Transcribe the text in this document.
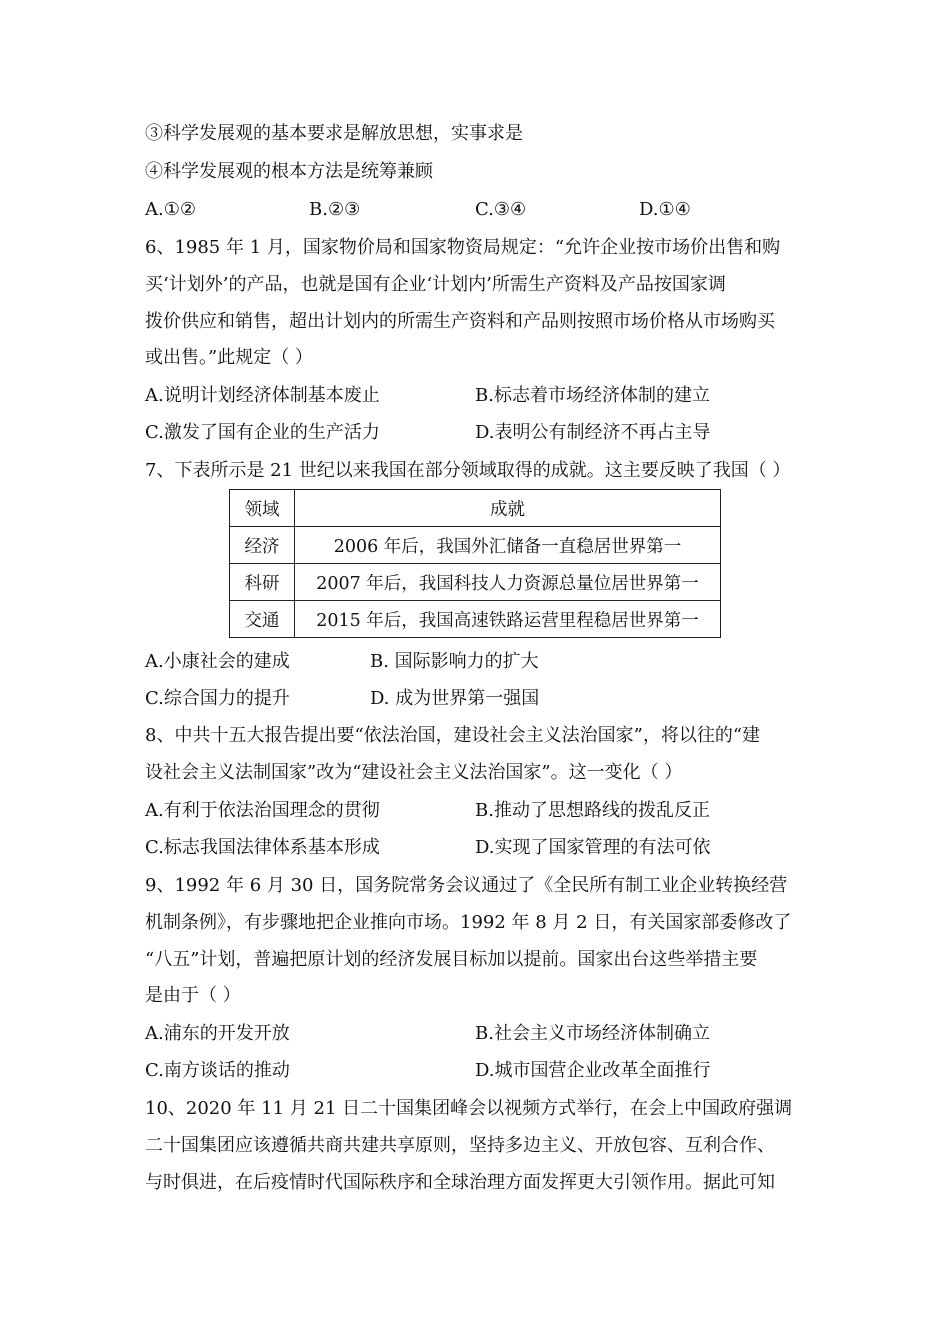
③科学发展观的基本要求是解放思想，实事求是
④科学发展观的根本方法是统筹兼顾
A.①②	B.②③	C.③④	D.①④
6、1985 年 1 月，国家物价局和国家物资局规定：“允许企业按市场价出售和购
买‘计划外’的产品，也就是国有企业‘计划内’所需生产资料及产品按国家调
拨价供应和销售，超出计划内的所需生产资料和产品则按照市场价格从市场购买
或出售。”此规定（ ）
A.说明计划经济体制基本废止	B.标志着市场经济体制的建立
C.激发了国有企业的生产活力	D.表明公有制经济不再占主导
7、下表所示是 21 世纪以来我国在部分领域取得的成就。这主要反映了我国（ ）
领域	成就
经济	2006 年后，我国外汇储备一直稳居世界第一
科研	2007 年后，我国科技人力资源总量位居世界第一
交通	2015 年后，我国高速铁路运营里程稳居世界第一
A.小康社会的建成	B. 国际影响力的扩大
C.综合国力的提升	D. 成为世界第一强国
8、中共十五大报告提出要“依法治国，建设社会主义法治国家”，将以往的“建
设社会主义法制国家”改为“建设社会主义法治国家”。这一变化（ ）
A.有利于依法治国理念的贯彻	B.推动了思想路线的拨乱反正
C.标志我国法律体系基本形成	D.实现了国家管理的有法可依
9、1992 年 6 月 30 日，国务院常务会议通过了《全民所有制工业企业转换经营
机制条例》，有步骤地把企业推向市场。1992 年 8 月 2 日，有关国家部委修改了
“八五”计划，普遍把原计划的经济发展目标加以提前。国家出台这些举措主要
是由于（ ）
A.浦东的开发开放	B.社会主义市场经济体制确立
C.南方谈话的推动	D.城市国营企业改革全面推行
10、2020 年 11 月 21 日二十国集团峰会以视频方式举行，在会上中国政府强调
二十国集团应该遵循共商共建共享原则，坚持多边主义、开放包容、互利合作、
与时俱进，在后疫情时代国际秩序和全球治理方面发挥更大引领作用。据此可知
